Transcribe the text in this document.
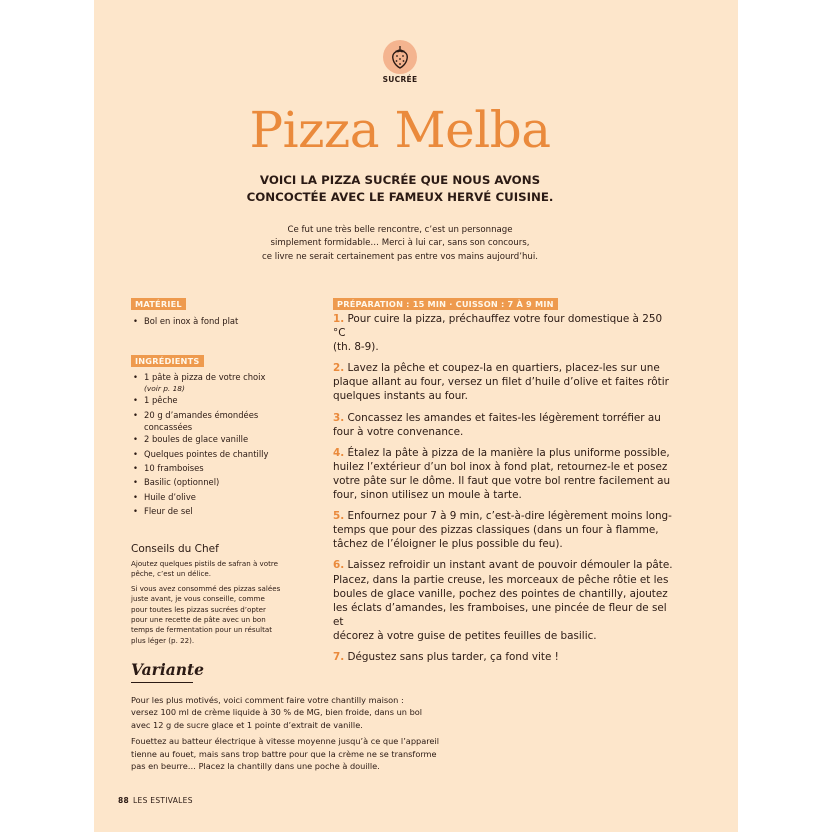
SUCRÉE
Pizza Melba
VOICI LA PIZZA SUCRÉE QUE NOUS AVONS
CONCOCTÉE AVEC LE FAMEUX HERVÉ CUISINE.
Ce fut une très belle rencontre, c’est un personnage
simplement formidable… Merci à lui car, sans son concours,
ce livre ne serait certainement pas entre vos mains aujourd’hui.
MATÉRIEL
• Bol en inox à fond plat
INGRÉDIENTS
• 1 pâte à pizza de votre choix
(voir p. 18)
• 1 pêche
• 20 g d’amandes émondées
concassées
• 2 boules de glace vanille
• Quelques pointes de chantilly
• 10 framboises
• Basilic (optionnel)
• Huile d’olive
• Fleur de sel
Conseils du Chef

Ajoutez quelques pistils de safran à votre
pêche, c’est un délice.

Si vous avez consommé des pizzas salées
juste avant, je vous conseille, comme
pour toutes les pizzas sucrées d’opter
pour une recette de pâte avec un bon
temps de fermentation pour un résultat
plus léger (p. 22).

Variante

Pour les plus motivés, voici comment faire votre chantilly maison :
versez 100 ml de crème liquide à 30 % de MG, bien froide, dans un bol
avec 12 g de sucre glace et 1 pointe d’extrait de vanille.

Fouettez au batteur électrique à vitesse moyenne jusqu’à ce que l’appareil
tienne au fouet, mais sans trop battre pour que la crème ne se transforme
pas en beurre… Placez la chantilly dans une poche à douille.

PRÉPARATION : 15 MIN · CUISSON : 7 À 9 MIN

1. Pour cuire la pizza, préchauffez votre four domestique à 250 °C
(th. 8-9).

2. Lavez la pêche et coupez-la en quartiers, placez-les sur une
plaque allant au four, versez un filet d’huile d’olive et faites rôtir
quelques instants au four.

3. Concassez les amandes et faites-les légèrement torréfier au
four à votre convenance.

4. Étalez la pâte à pizza de la manière la plus uniforme possible,
huilez l’extérieur d’un bol inox à fond plat, retournez-le et posez
votre pâte sur le dôme. Il faut que votre bol rentre facilement au
four, sinon utilisez un moule à tarte.

5. Enfournez pour 7 à 9 min, c’est-à-dire légèrement moins long-
temps que pour des pizzas classiques (dans un four à flamme,
tâchez de l’éloigner le plus possible du feu).

6. Laissez refroidir un instant avant de pouvoir démouler la pâte.
Placez, dans la partie creuse, les morceaux de pêche rôtie et les
boules de glace vanille, pochez des pointes de chantilly, ajoutez
les éclats d’amandes, les framboises, une pincée de fleur de sel et
décorez à votre guise de petites feuilles de basilic.

7. Dégustez sans plus tarder, ça fond vite !

88 LES ESTIVALES
